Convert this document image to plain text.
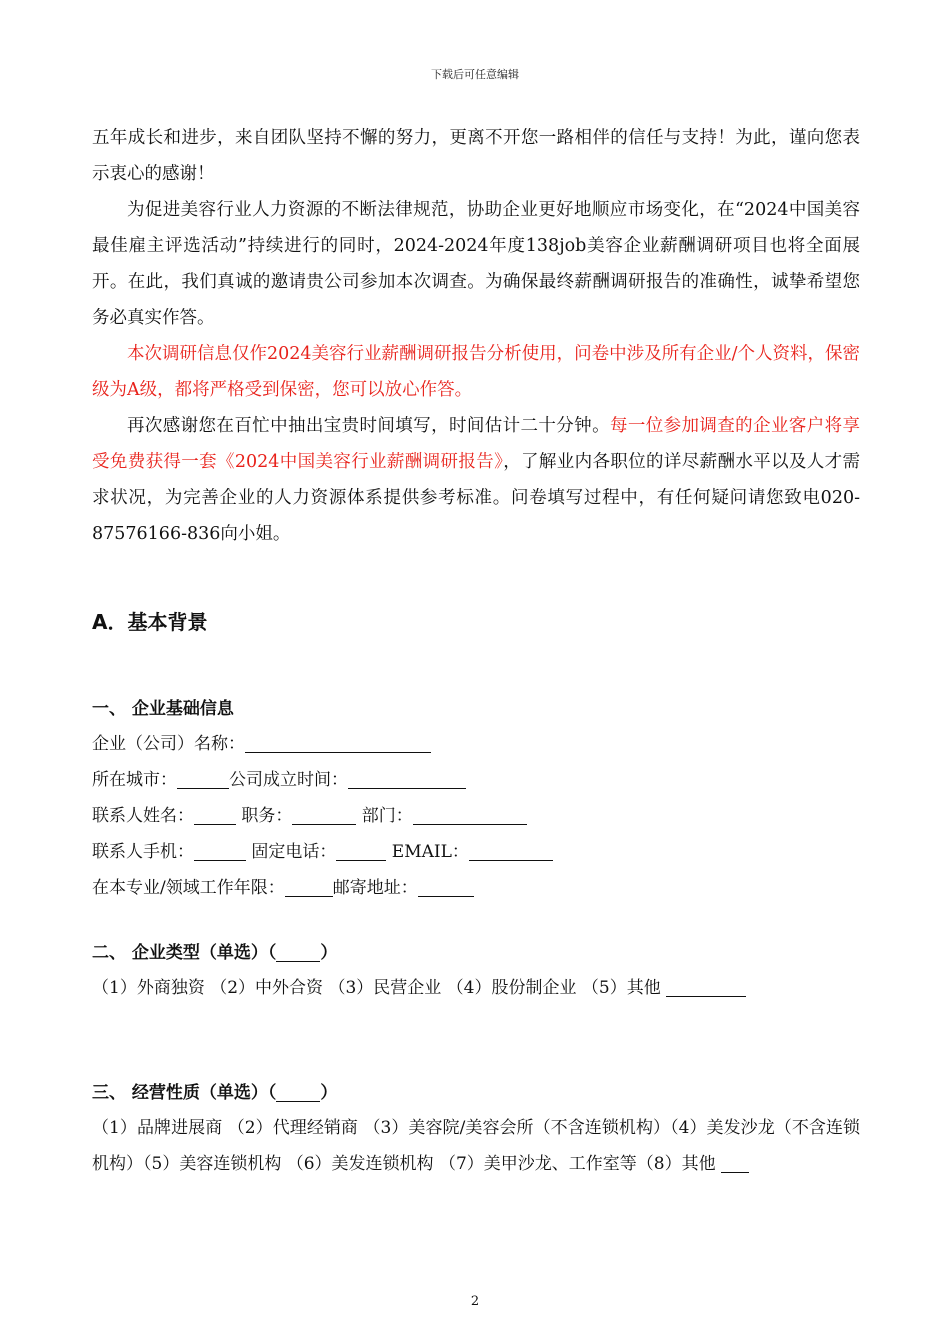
下载后可任意编辑

五年成长和进步，来自团队坚持不懈的努力，更离不开您一路相伴的信任与支持！为此，谨向您表示衷心的感谢！

为促进美容行业人力资源的不断法律规范，协助企业更好地顺应市场变化，在“2024中国美容最佳雇主评选活动”持续进行的同时，2024-2024年度138job美容企业薪酬调研项目也将全面展开。在此，我们真诚的邀请贵公司参加本次调查。为确保最终薪酬调研报告的准确性，诚挚希望您务必真实作答。

本次调研信息仅作2024美容行业薪酬调研报告分析使用，问卷中涉及所有企业/个人资料，保密级为A级，都将严格受到保密，您可以放心作答。

再次感谢您在百忙中抽出宝贵时间填写，时间估计二十分钟。每一位参加调查的企业客户将享受免费获得一套《2024中国美容行业薪酬调研报告》，了解业内各职位的详尽薪酬水平以及人才需求状况，为完善企业的人力资源体系提供参考标准。问卷填写过程中，有任何疑问请您致电020-87576166-836向小姐。

A．基本背景

一、 企业基础信息

企业（公司）名称：

所在城市：	公司成立时间：

联系人姓名： 职务：	部门：

联系人手机：	固定电话：	EMAIL：

在本专业/领域工作年限：	邮寄地址：

二、 企业类型（单选）（	）

（1）外商独资 （2）中外合资 （3）民营企业 （4）股份制企业 （5）其他

三、 经营性质（单选）（	）

（1）品牌进展商 （2）代理经销商 （3）美容院/美容会所（不含连锁机构）（4）美发沙龙（不含连锁机构）（5）美容连锁机构 （6）美发连锁机构 （7）美甲沙龙、工作室等（8）其他

2
